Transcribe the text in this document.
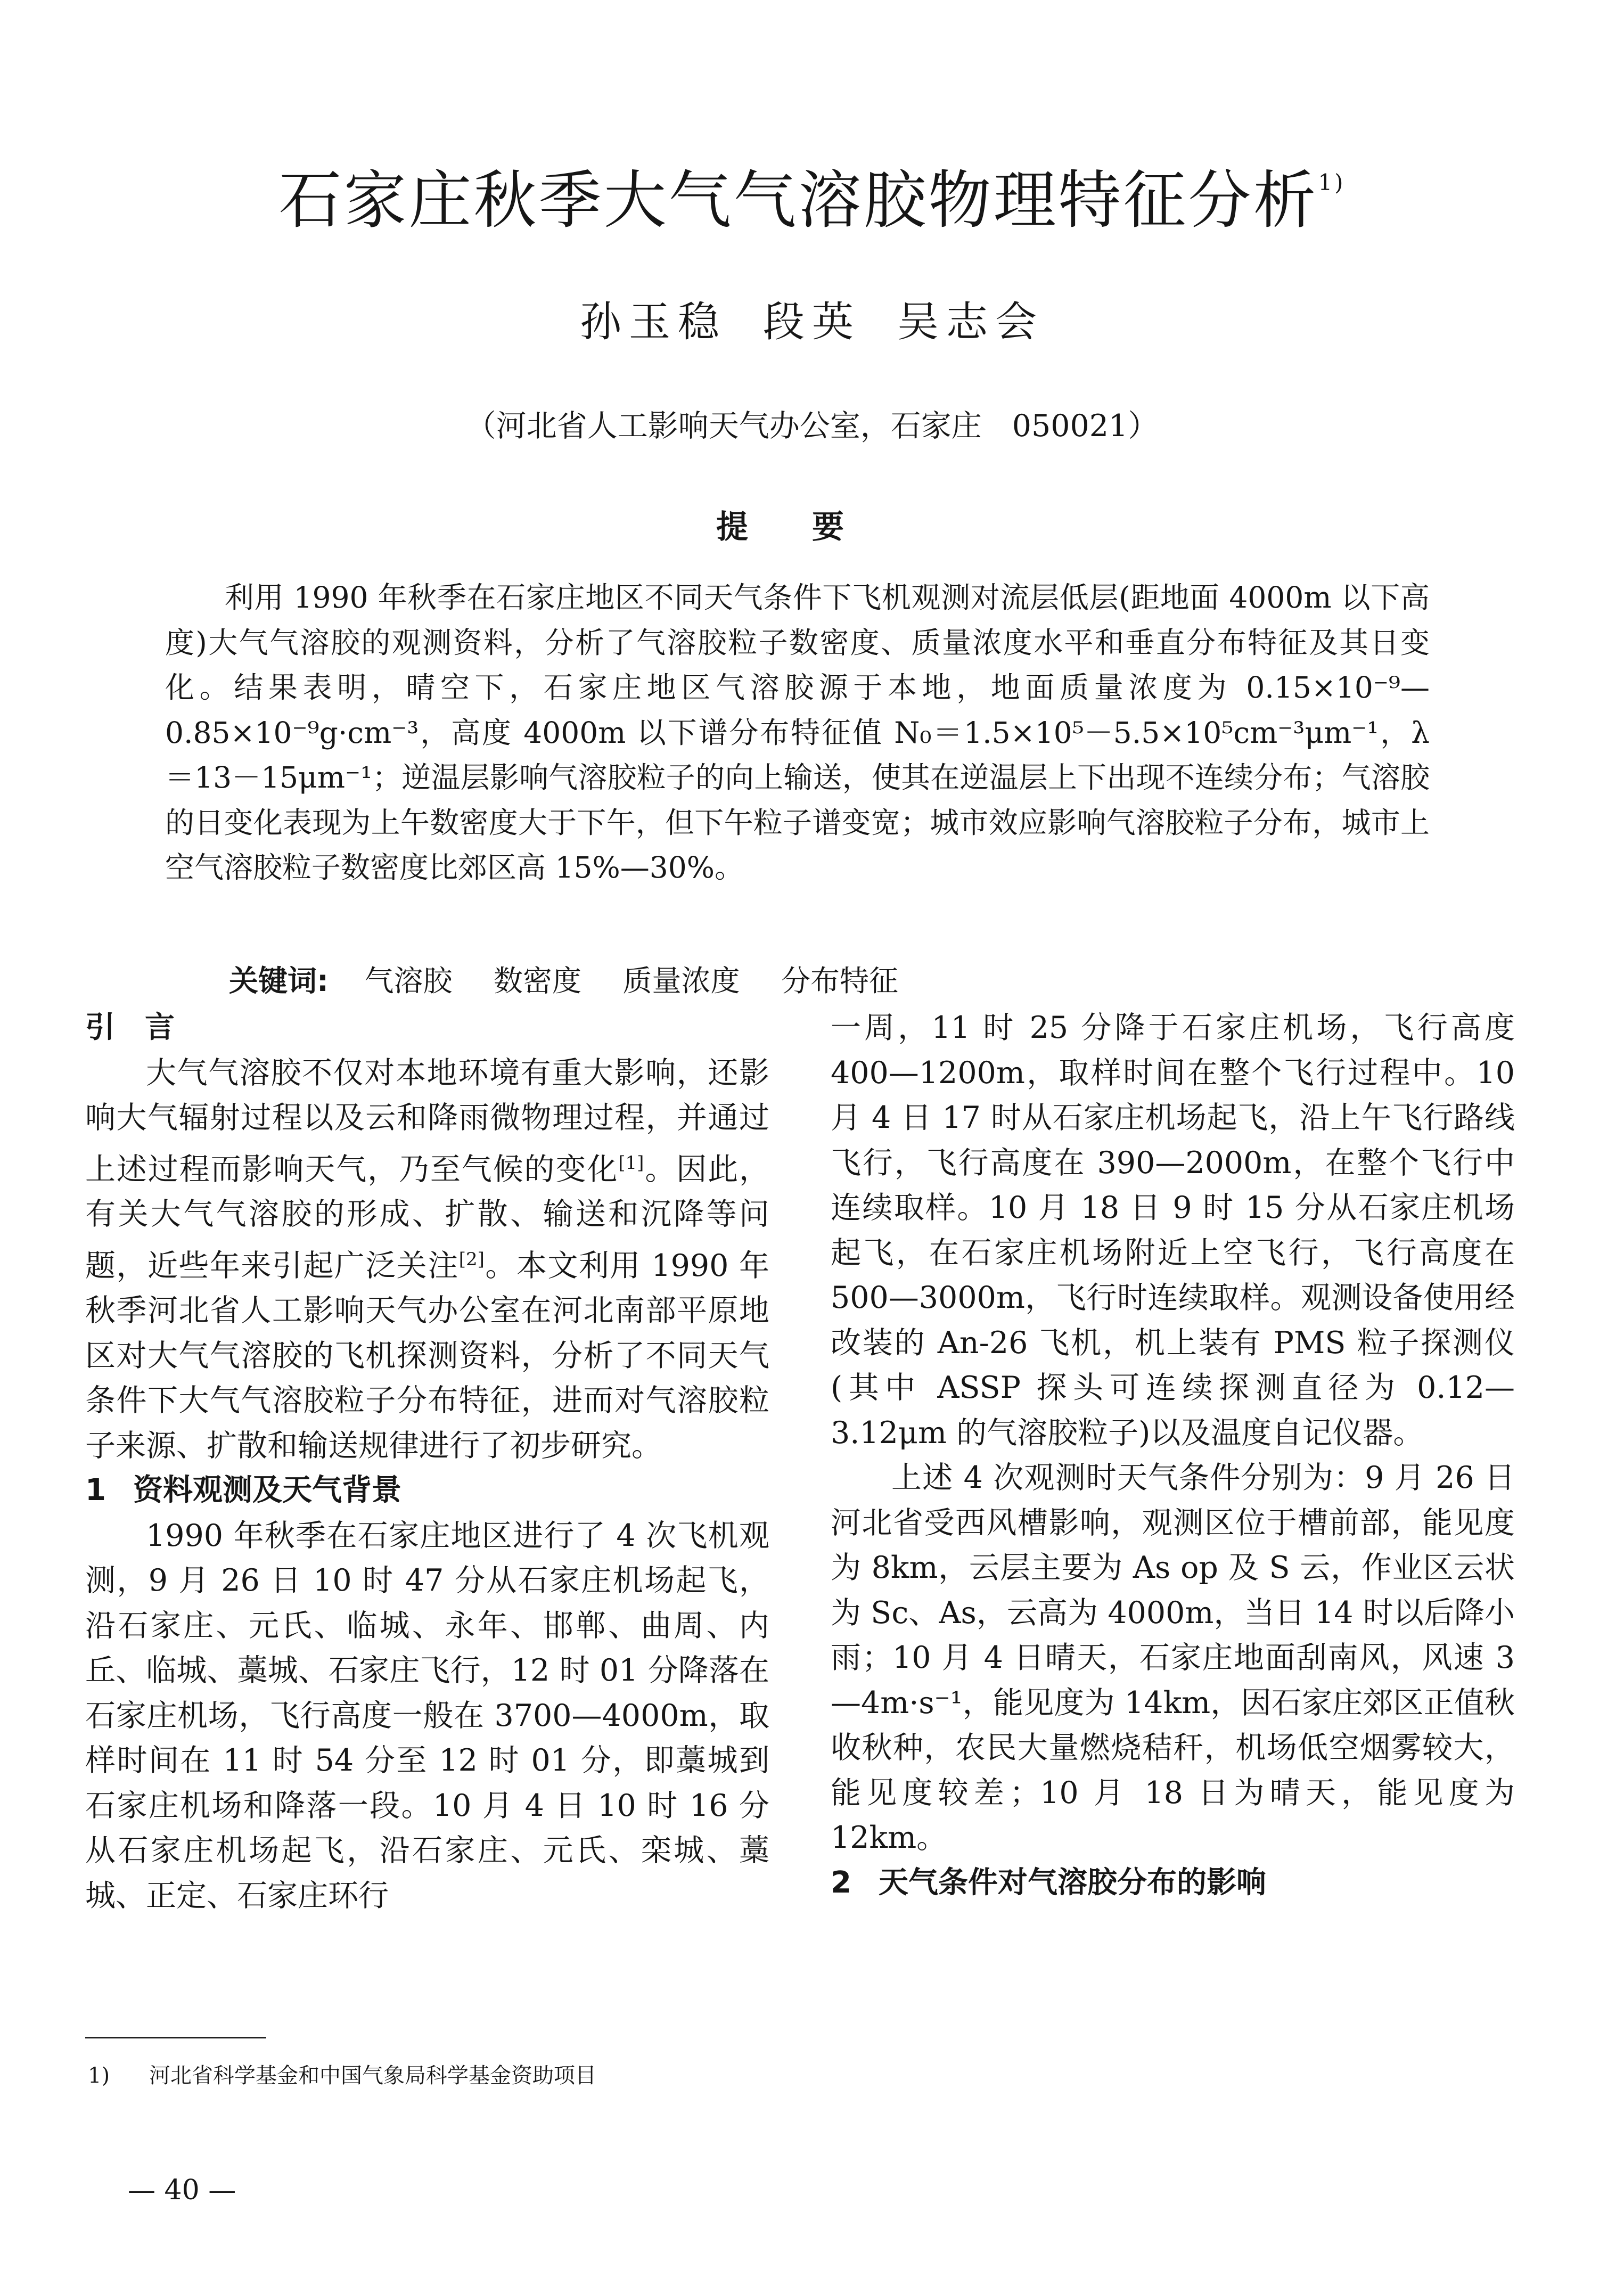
石家庄秋季大气气溶胶物理特征分析$^{1)}$
孙玉稳 段英 吴志会
（河北省人工影响天气办公室，石家庄　050021）
提要

利用 1990 年秋季在石家庄地区不同天气条件下飞机观测对流层低层(距地面 4000m 以下高度)大气气溶胶的观测资料，分析了气溶胶粒子数密度、质量浓度水平和垂直分布特征及其日变化。结果表明，晴空下，石家庄地区气溶胶源于本地，地面质量浓度为 0.15×10⁻⁹—0.85×10⁻⁹g·cm⁻³，高度 4000m 以下谱分布特征值 N₀＝1.5×10⁵－5.5×10⁵cm⁻³μm⁻¹，λ＝13－15μm⁻¹；逆温层影响气溶胶粒子的向上输送，使其在逆温层上下出现不连续分布；气溶胶的日变化表现为上午数密度大于下午，但下午粒子谱变宽；城市效应影响气溶胶粒子分布，城市上空气溶胶粒子数密度比郊区高 15%—30%。

关键词: 气溶胶 数密度 质量浓度 分布特征

引　言

大气气溶胶不仅对本地环境有重大影响，还影响大气辐射过程以及云和降雨微物理过程，并通过上述过程而影响天气，乃至气候的变化[1]。因此，有关大气气溶胶的形成、扩散、输送和沉降等问题，近些年来引起广泛关注[2]。本文利用 1990 年秋季河北省人工影响天气办公室在河北南部平原地区对大气气溶胶的飞机探测资料，分析了不同天气条件下大气气溶胶粒子分布特征，进而对气溶胶粒子来源、扩散和输送规律进行了初步研究。

1 资料观测及天气背景

1990 年秋季在石家庄地区进行了 4 次飞机观测，9 月 26 日 10 时 47 分从石家庄机场起飞，沿石家庄、元氏、临城、永年、邯郸、曲周、内丘、临城、藁城、石家庄飞行，12 时 01 分降落在石家庄机场，飞行高度一般在 3700—4000m，取样时间在 11 时 54 分至 12 时 01 分，即藁城到石家庄机场和降落一段。10 月 4 日 10 时 16 分从石家庄机场起飞，沿石家庄、元氏、栾城、藁城、正定、石家庄环行

一周，11 时 25 分降于石家庄机场，飞行高度 400—1200m，取样时间在整个飞行过程中。10 月 4 日 17 时从石家庄机场起飞，沿上午飞行路线飞行，飞行高度在 390—2000m，在整个飞行中连续取样。10 月 18 日 9 时 15 分从石家庄机场起飞，在石家庄机场附近上空飞行，飞行高度在 500—3000m，飞行时连续取样。观测设备使用经改装的 An-26 飞机，机上装有 PMS 粒子探测仪(其中 ASSP 探头可连续探测直径为 0.12—3.12μm 的气溶胶粒子)以及温度自记仪器。

上述 4 次观测时天气条件分别为：9 月 26 日河北省受西风槽影响，观测区位于槽前部，能见度为 8km，云层主要为 As op 及 S 云，作业区云状为 Sc、As，云高为 4000m，当日 14 时以后降小雨；10 月 4 日晴天，石家庄地面刮南风，风速 3—4m·s⁻¹，能见度为 14km，因石家庄郊区正值秋收秋种，农民大量燃烧秸秆，机场低空烟雾较大，能见度较差；10 月 18 日为晴天，能见度为 12km。

2 天气条件对气溶胶分布的影响

1) 河北省科学基金和中国气象局科学基金资助项目
— 40 —
